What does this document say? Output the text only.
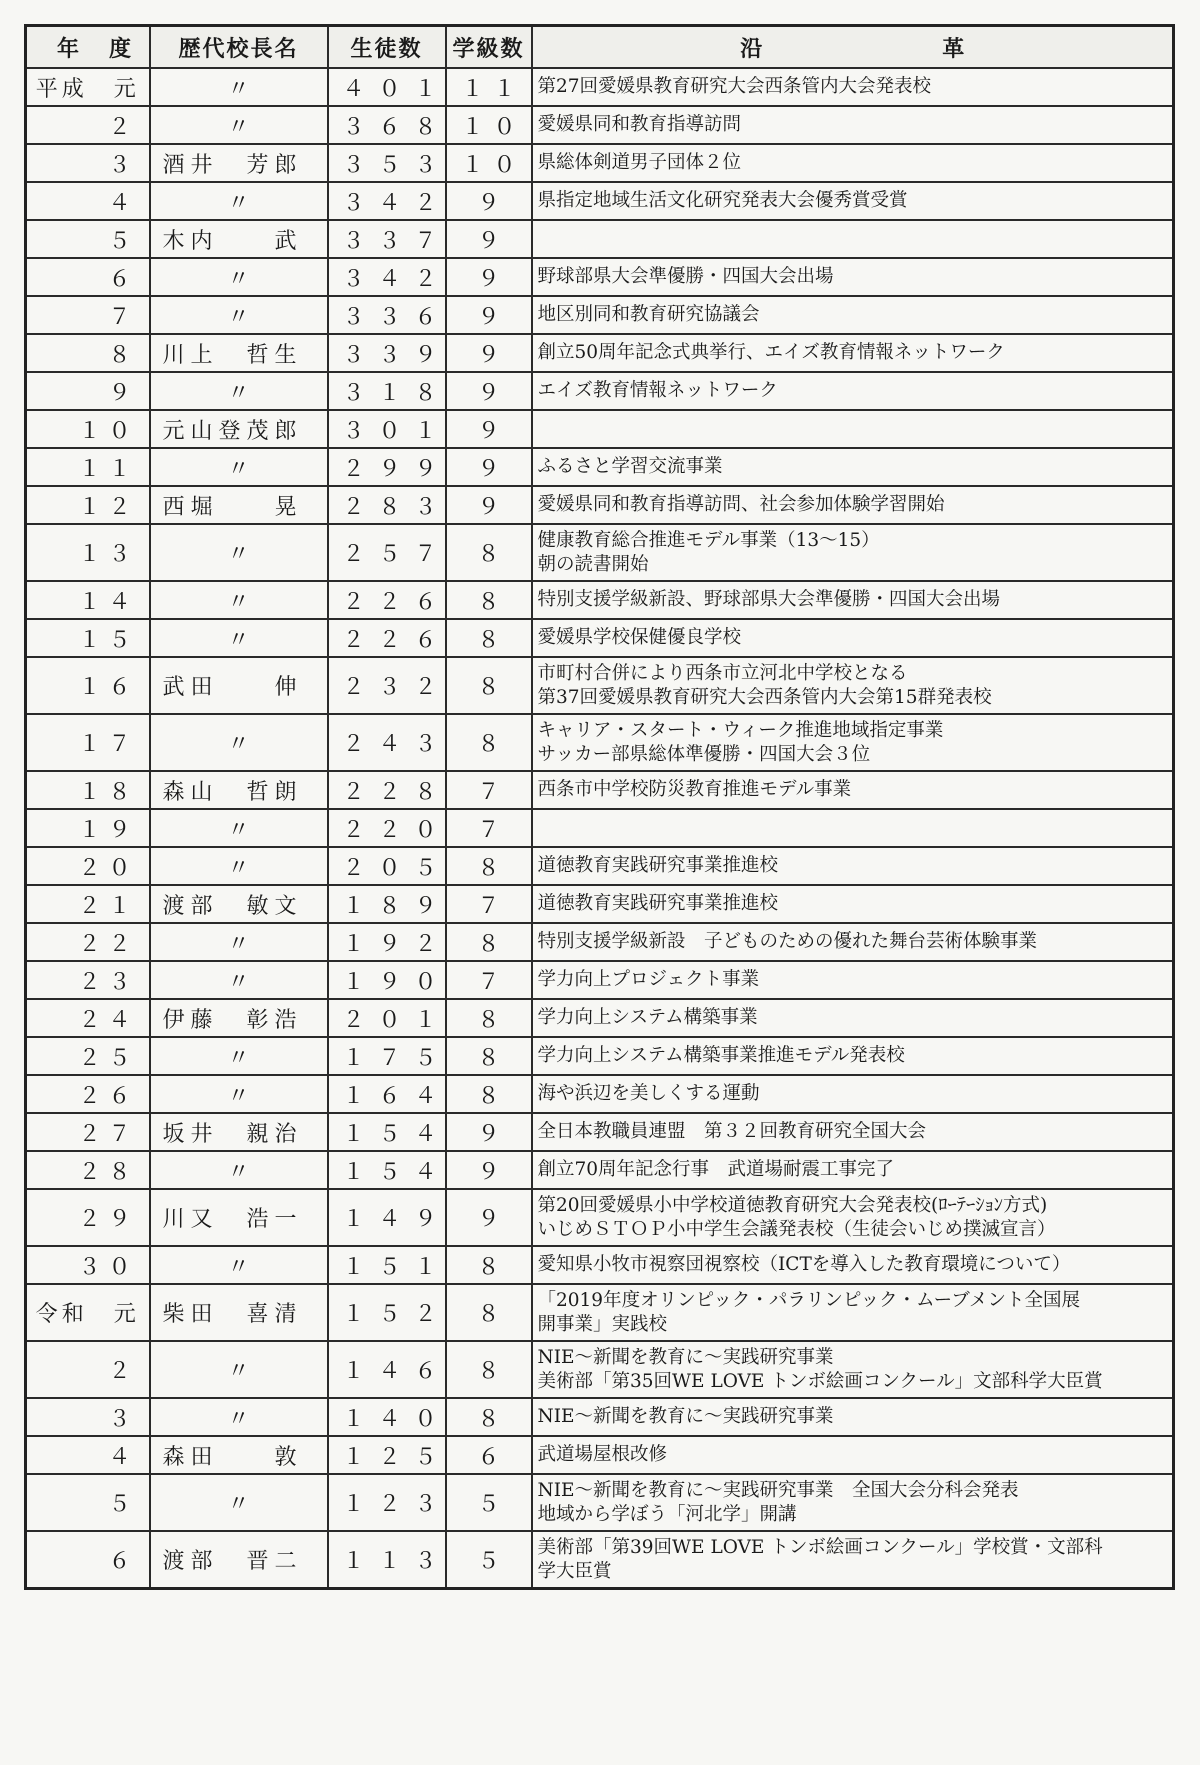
年度	歴代校長名	生徒数	学級数	沿革
平成　元	〃	４０１	１１	第27回愛媛県教育研究大会西条管内大会発表校

２	〃	３６８	１０	愛媛県同和教育指導訪問

３	酒井　芳郎	３５３	１０	県総体剣道男子団体２位

４	〃	３４２	９	県指定地域生活文化研究発表大会優秀賞受賞

５	木内　　武	３３７	９	

６	〃	３４２	９	野球部県大会準優勝・四国大会出場

７	〃	３３６	９	地区別同和教育研究協議会

８	川上　哲生	３３９	９	創立50周年記念式典挙行、エイズ教育情報ネットワーク

９	〃	３１８	９	エイズ教育情報ネットワーク

１０	元山登茂郎	３０１	９	

１１	〃	２９９	９	ふるさと学習交流事業

１２	西堀　　晃	２８３	９	愛媛県同和教育指導訪問、社会参加体験学習開始

１３	〃	２５７	８	健康教育総合推進モデル事業（13～15）
朝の読書開始

１４	〃	２２６	８	特別支援学級新設、野球部県大会準優勝・四国大会出場

１５	〃	２２６	８	愛媛県学校保健優良学校

１６	武田　　伸	２３２	８	市町村合併により西条市立河北中学校となる
第37回愛媛県教育研究大会西条管内大会第15群発表校

１７	〃	２４３	８	キャリア・スタート・ウィーク推進地域指定事業
サッカー部県総体準優勝・四国大会３位

１８	森山　哲朗	２２８	７	西条市中学校防災教育推進モデル事業

１９	〃	２２０	７	

２０	〃	２０５	８	道徳教育実践研究事業推進校

２１	渡部　敏文	１８９	７	道徳教育実践研究事業推進校

２２	〃	１９２	８	特別支援学級新設　子どものための優れた舞台芸術体験事業

２３	〃	１９０	７	学力向上プロジェクト事業

２４	伊藤　彰浩	２０１	８	学力向上システム構築事業

２５	〃	１７５	８	学力向上システム構築事業推進モデル発表校

２６	〃	１６４	８	海や浜辺を美しくする運動

２７	坂井　親治	１５４	９	全日本教職員連盟　第３２回教育研究全国大会

２８	〃	１５４	９	創立70周年記念行事　武道場耐震工事完了

２９	川又　浩一	１４９	９	第20回愛媛県小中学校道徳教育研究大会発表校(ﾛｰﾃｰｼｮﾝ方式)
いじめＳＴＯＰ小中学生会議発表校（生徒会いじめ撲滅宣言）

３０	〃	１５１	８	愛知県小牧市視察団視察校（ICTを導入した教育環境について）

令和　元	柴田　喜清	１５２	８	「2019年度オリンピック・パラリンピック・ムーブメント全国展
開事業」実践校

２	〃	１４６	８	NIE～新聞を教育に～実践研究事業
美術部「第35回WE LOVE トンボ絵画コンクール」文部科学大臣賞

３	〃	１４０	８	NIE～新聞を教育に～実践研究事業

４	森田　　敦	１２５	６	武道場屋根改修

５	〃	１２３	５	NIE～新聞を教育に～実践研究事業　全国大会分科会発表
地域から学ぼう「河北学」開講

６	渡部　晋二	１１３	５	美術部「第39回WE LOVE トンボ絵画コンクール」学校賞・文部科
学大臣賞
